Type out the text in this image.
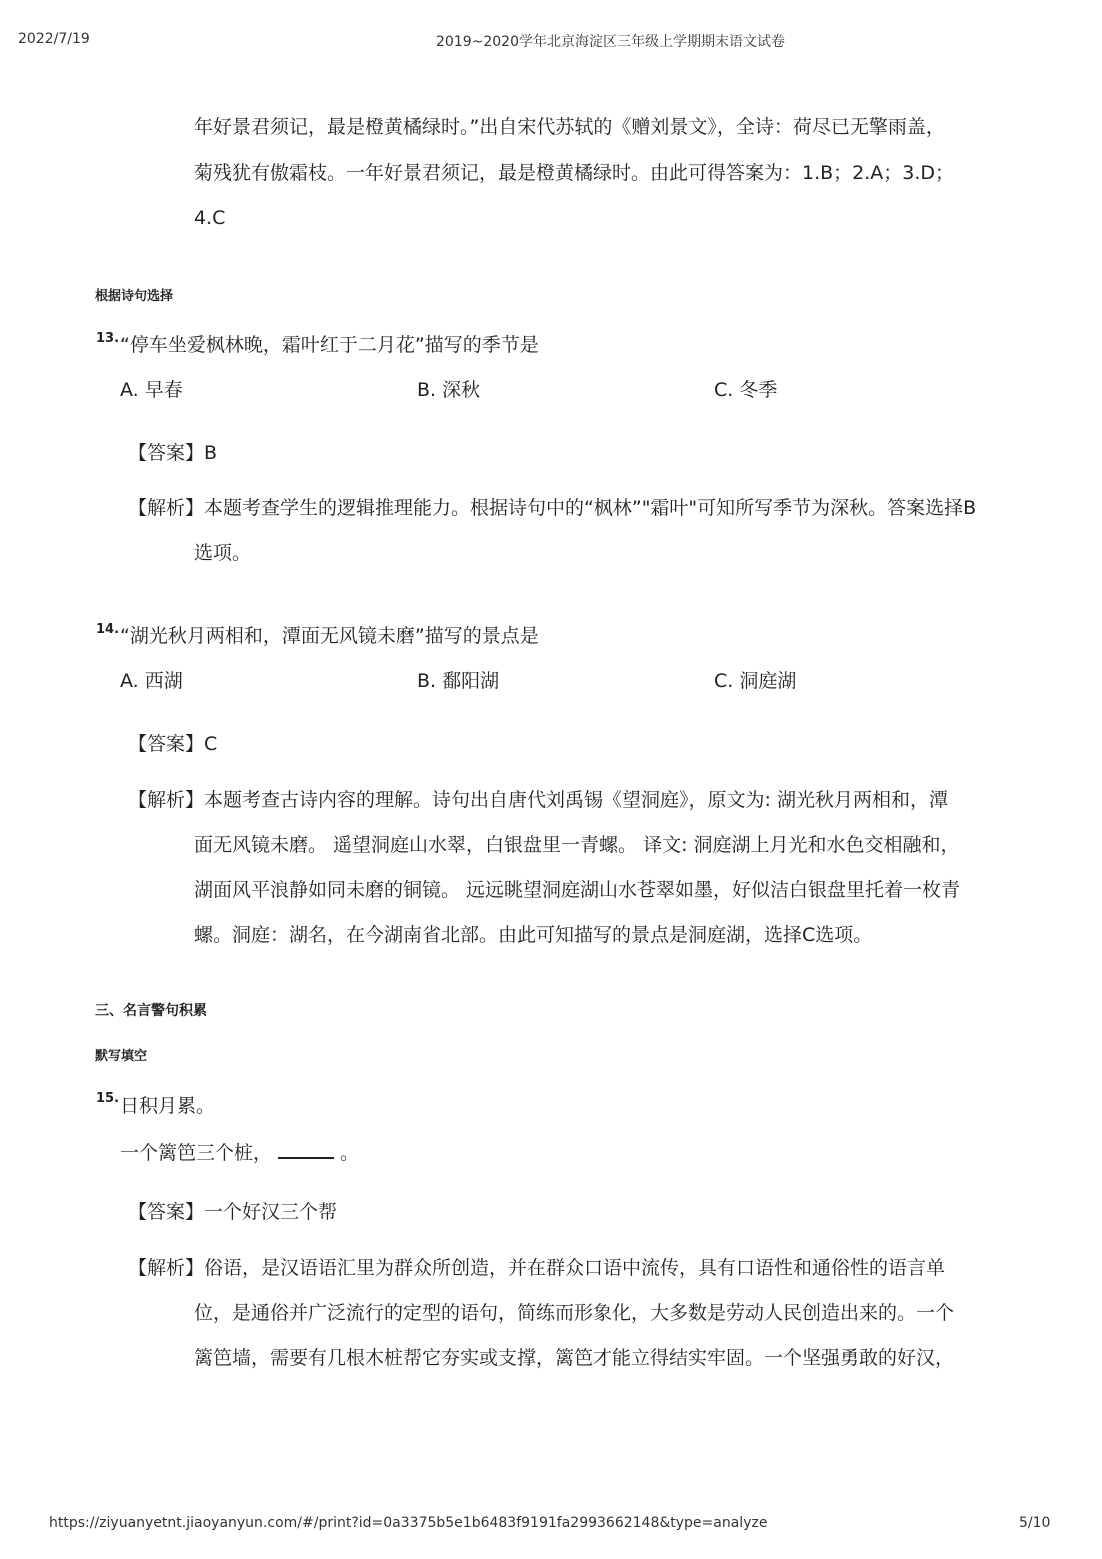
2022/7/19	2019~2020学年北京海淀区三年级上学期期末语文试卷
年好景君须记，最是橙黄橘绿时。”出自宋代苏轼的《赠刘景文》，全诗：荷尽已无擎雨盖，
菊残犹有傲霜枝。一年好景君须记，最是橙黄橘绿时。由此可得答案为：1.B；2.A；3.D；
4.C
根据诗句选择
13. “停车坐爱枫林晚，霜叶红于二月花”描写的季节是
A. 早春	B. 深秋	C. 冬季
【答案】B
【解析】本题考查学生的逻辑推理能力。根据诗句中的“枫林”"霜叶"可知所写季节为深秋。答案选择B
选项。
14. “湖光秋月两相和，潭面无风镜未磨”描写的景点是
A. 西湖	B. 鄱阳湖	C. 洞庭湖
【答案】C
【解析】本题考查古诗内容的理解。诗句出自唐代刘禹锡《望洞庭》，原文为: 湖光秋月两相和，潭
面无风镜未磨。 遥望洞庭山水翠，白银盘里一青螺。 译文: 洞庭湖上月光和水色交相融和，
湖面风平浪静如同未磨的铜镜。 远远眺望洞庭湖山水苍翠如墨，好似洁白银盘里托着一枚青
螺。洞庭：湖名，在今湖南省北部。由此可知描写的景点是洞庭湖，选择C选项。
三、名言警句积累
默写填空
15. 日积月累。
一个篱笆三个桩，	。
【答案】一个好汉三个帮
【解析】俗语，是汉语语汇里为群众所创造，并在群众口语中流传，具有口语性和通俗性的语言单
位，是通俗并广泛流行的定型的语句，简练而形象化，大多数是劳动人民创造出来的。一个
篱笆墙，需要有几根木桩帮它夯实或支撑，篱笆才能立得结实牢固。一个坚强勇敢的好汉，
https://ziyuanyetnt.jiaoyanyun.com/#/print?id=0a3375b5e1b6483f9191fa2993662148&type=analyze	5/10
